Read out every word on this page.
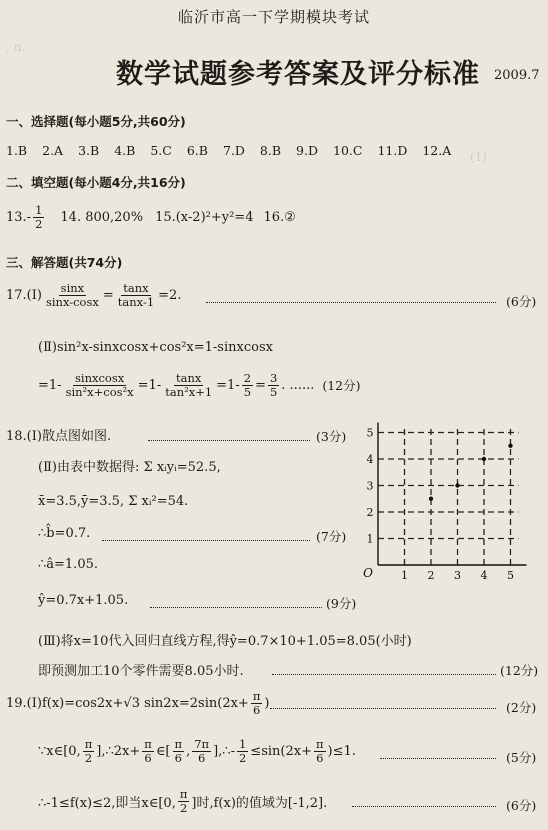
, n.
(1)
临沂市高一下学期模块考试
数学试题参考答案及评分标准 2009.7
一、选择题(每小题5分,共60分)
1.B 2.A 3.B 4.B 5.C 6.B 7.D 8.B 9.D 10.C 11.D 12.A
二、填空题(每小题4分,共16分)
$13.- \frac{1}{2} 14$. 800,20% 15.(x-2)²+y²=4 16.②
三、解答题(共74分)
17.(Ⅰ) $\frac{\sin x}{\sin x-\cos x} = \frac{\tan x}{\tan x-1} =2$.	(6分)
(Ⅱ)sin²x-sinxcosx+cos²x=1-sinxcosx
$=1- \frac{\text{sinxcosx}}{\text{sin²x+cos²x}} =1- \frac{\tan x}{\text{tan²x+1}} =1- \frac{2}{5} = \frac{3}{5}$ . ...... (12分)
18.(Ⅰ)散点图如图.	(3分)
(Ⅱ)由表中数据得: Σ xᵢyᵢ=52.5,
x̄=3.5,ȳ=3.5, Σ xᵢ²=54.
∴b̂=0.7.	(7分)
∴â=1.05.
ŷ=0.7x+1.05.	(9分)
(Ⅲ)将x=10代入回归直线方程,得ŷ=0.7×10+1.05=8.05(小时)
即预测加工10个零件需要8.05小时.	(12分)
1 2 3 4 5
1
2
3
4
5
O
19.(Ⅰ)f(x)=cos2x+√3 $\sin 2x=2\sin(2x+ \frac{\pi}{6}$ )	(2分)
∵x∈[0, $\frac{\pi}{2}$ ],∴2x+ $\frac{\pi}{6}$ ∈[ $\frac{\pi}{6}$ , $\frac{7\pi}{6}$ ],∴- $\frac{1}{2} \le\sin(2x+ \frac{\pi}{6} )\le 1$.	(5分)
∴-1≤f(x)≤2,即当x∈[0, $\frac{\pi}{2}$ ]时,f(x)的值域为[-1,2].	(6分)
